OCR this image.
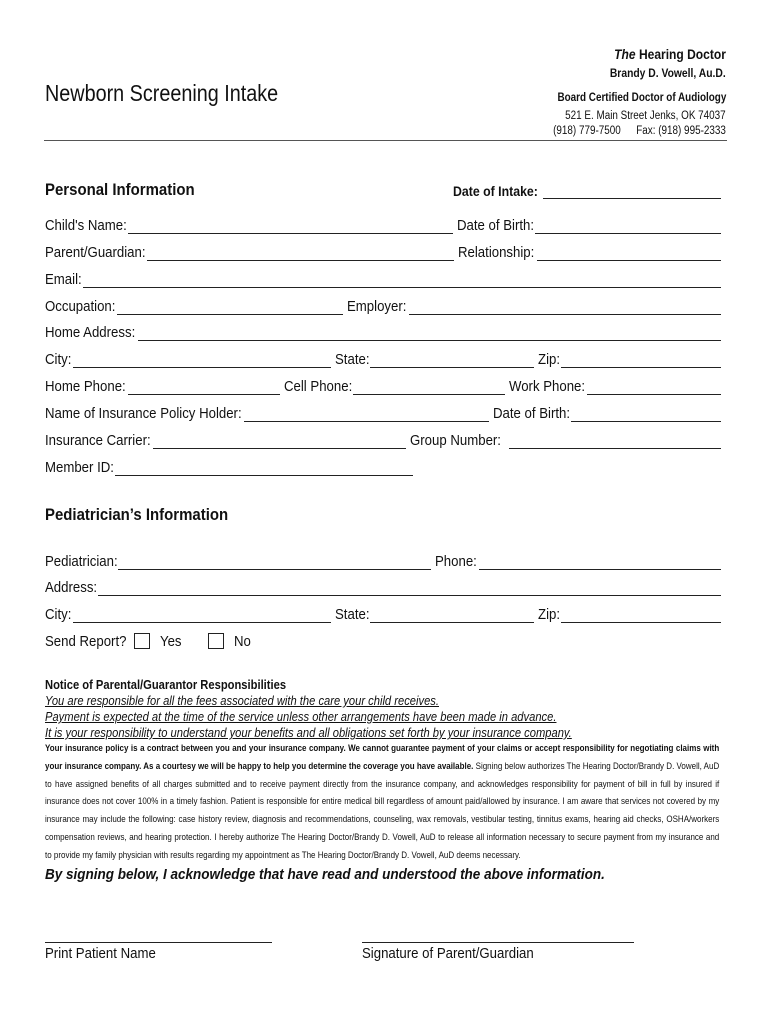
Newborn Screening Intake
The Hearing Doctor
Brandy D. Vowell, Au.D.
Board Certified Doctor of Audiology
521 E. Main Street Jenks, OK 74037
(918) 779-7500 Fax: (918) 995-2333
Personal Information	Date of Intake:
Child's Name:	Date of Birth:
Parent/Guardian:	Relationship:
Email:
Occupation:	Employer:
Home Address:
City:	State:	Zip:
Home Phone:	Cell Phone:	Work Phone:
Name of Insurance Policy Holder:	Date of Birth:
Insurance Carrier:	Group Number:
Member ID:
Pediatrician’s Information
Pediatrician:	Phone:
Address:
City:	State:	Zip:
Send Report? Yes	No
Notice of Parental/Guarantor Responsibilities
You are responsible for all the fees associated with the care your child receives.
Payment is expected at the time of the service unless other arrangements have been made in advance.
It is your responsibility to understand your benefits and all obligations set forth by your insurance company.
Your insurance policy is a contract between you and your insurance company. We cannot guarantee payment of your claims or accept responsibility for negotiating claims with your insurance company. As a courtesy we will be happy to help you determine the coverage you have available. Signing below authorizes The Hearing Doctor/Brandy D. Vowell, AuD to have assigned benefits of all charges submitted and to receive payment directly from the insurance company, and acknowledges responsibility for payment of bill in full by insured if insurance does not cover 100% in a timely fashion. Patient is responsible for entire medical bill regardless of amount paid/allowed by insurance. I am aware that services not covered by my insurance may include the following: case history review, diagnosis and recommendations, counseling, wax removals, vestibular testing, tinnitus exams, hearing aid checks, OSHA/workers compensation reviews, and hearing protection. I hereby authorize The Hearing Doctor/Brandy D. Vowell, AuD to release all information necessary to secure payment from my insurance and to provide my family physician with results regarding my appointment as The Hearing Doctor/Brandy D. Vowell, AuD deems necessary.
By signing below, I acknowledge that have read and understood the above information.
Print Patient Name	Signature of Parent/Guardian
